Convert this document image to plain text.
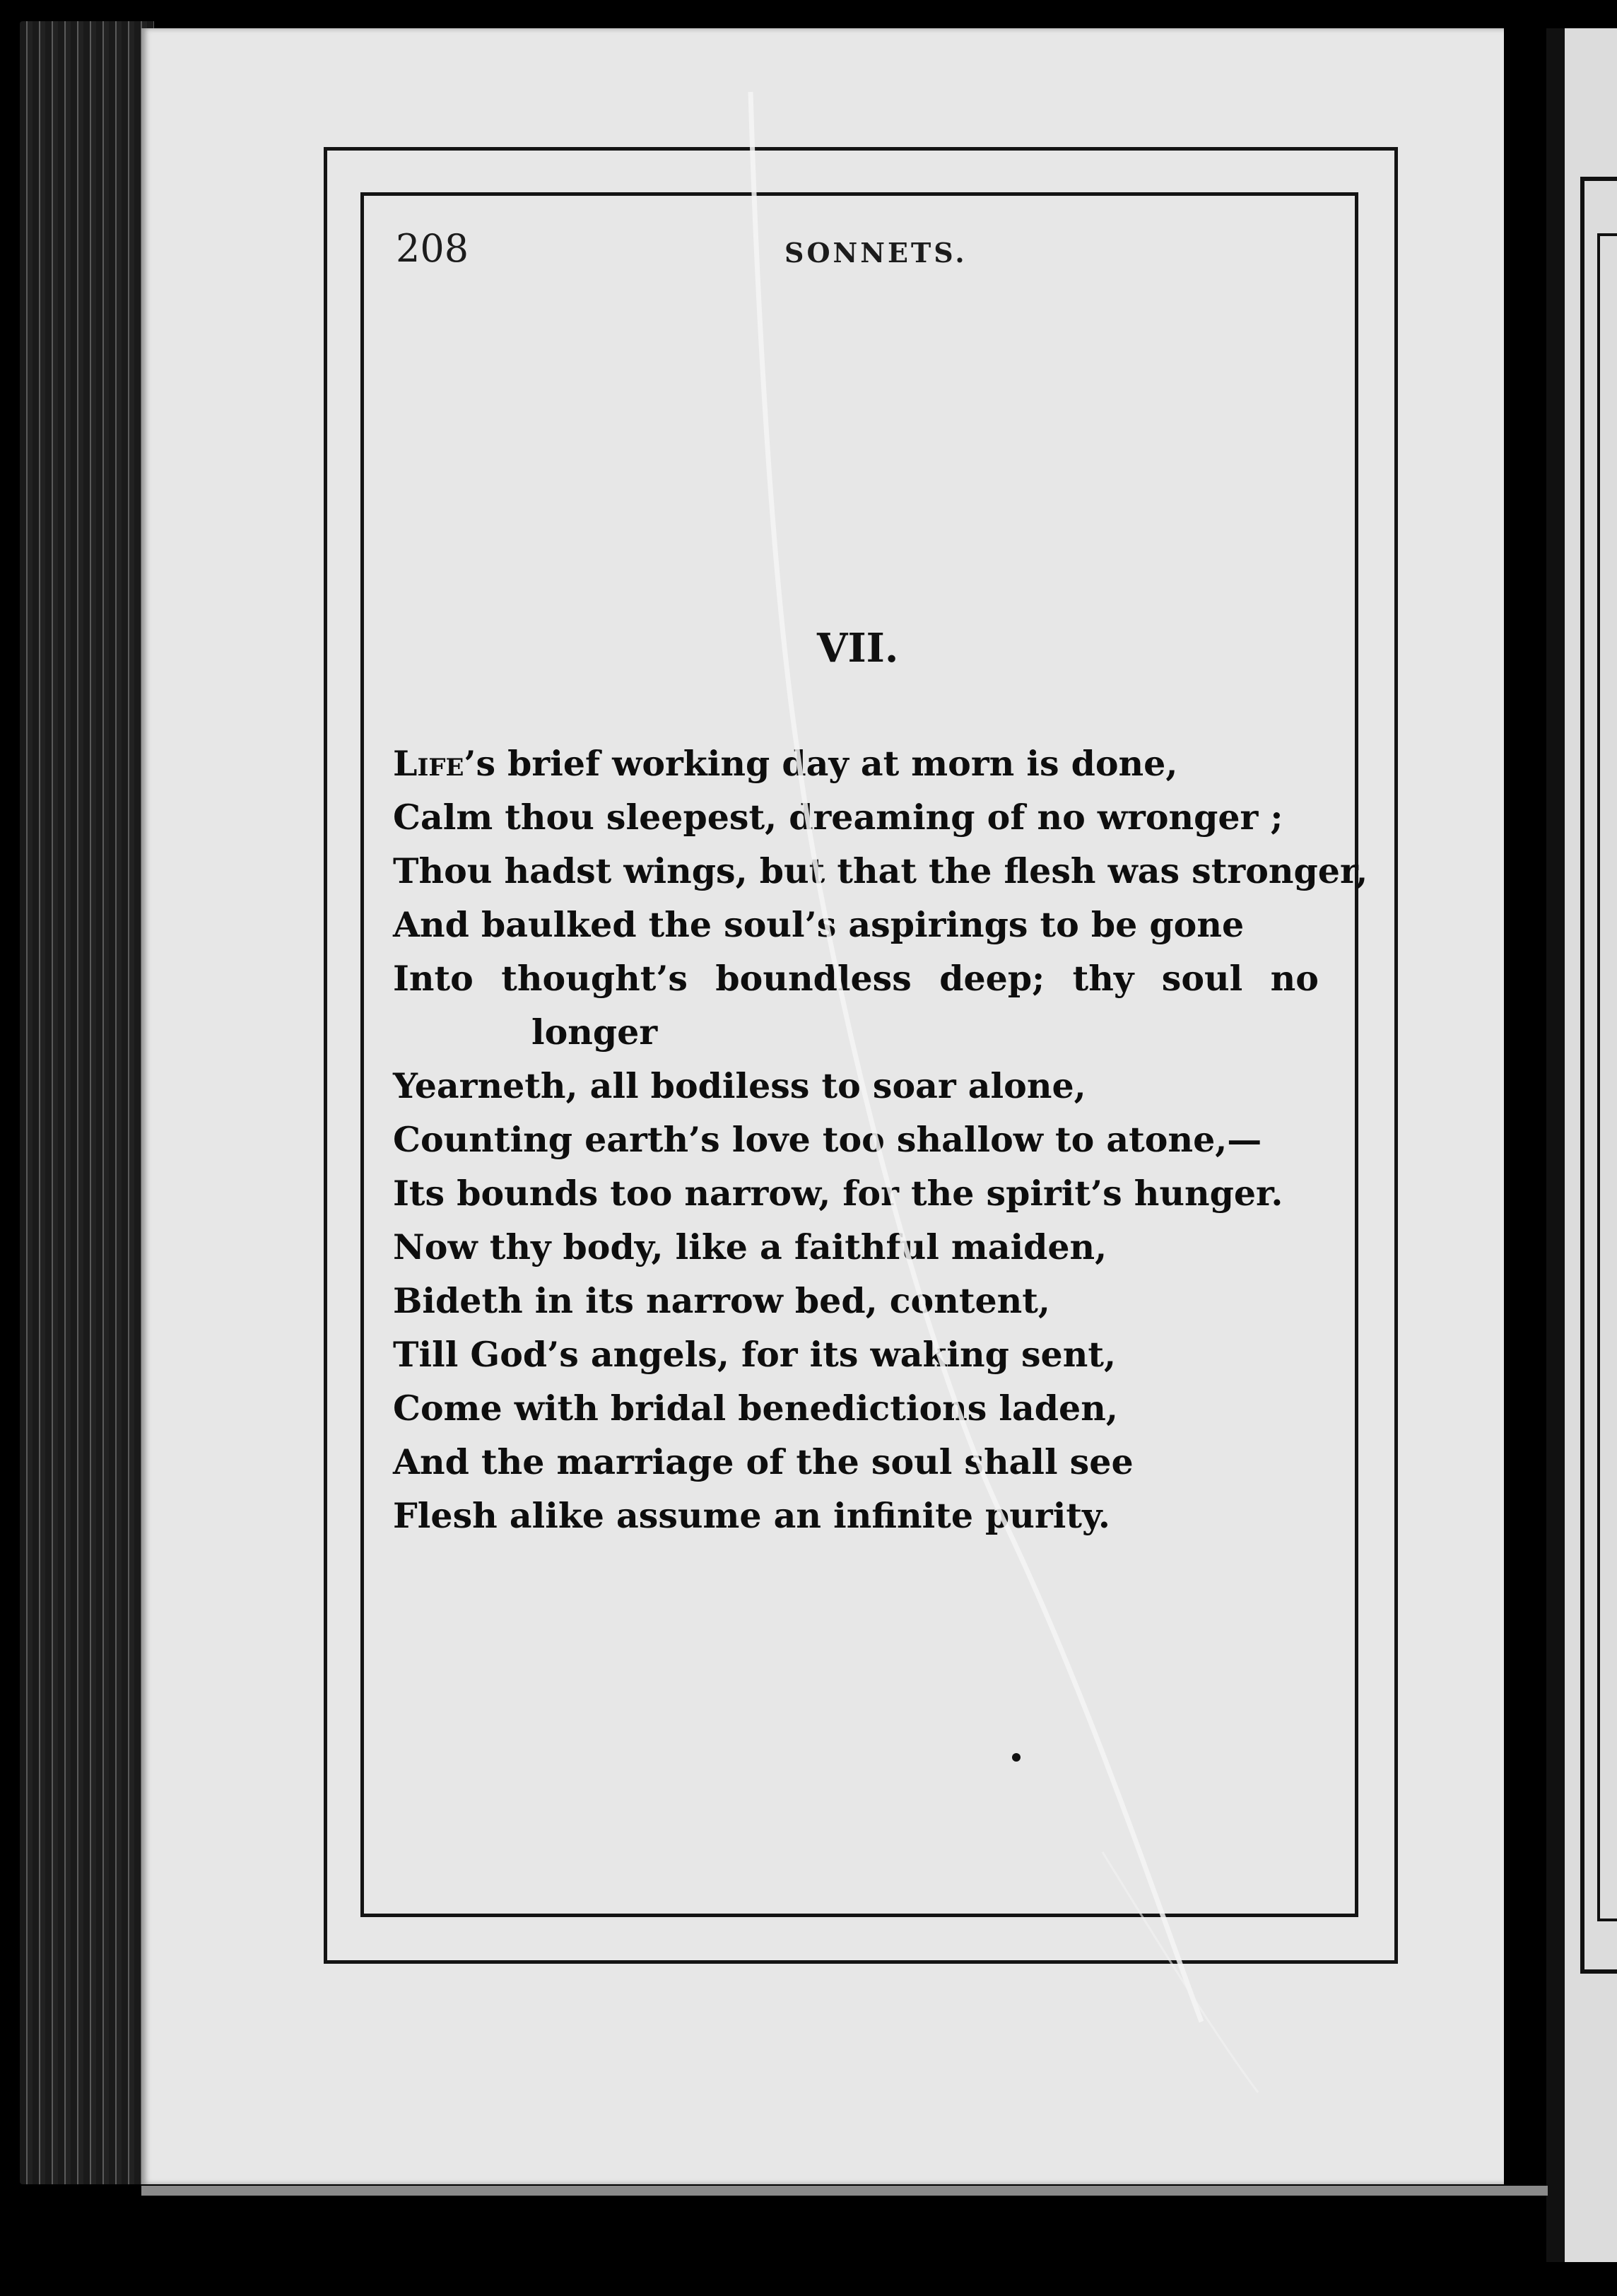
208	SONNETS.

VII.

Life’s brief working day at morn is done,
Calm thou sleepest, dreaming of no wronger ;
Thou hadst wings, but that the flesh was stronger,
And baulked the soul’s aspirings to be gone
Into thought’s boundless deep; thy soul no
longer
Yearneth, all bodiless to soar alone,
Counting earth’s love too shallow to atone,—
Its bounds too narrow, for the spirit’s hunger.
Now thy body, like a faithful maiden,
Bideth in its narrow bed, content,
Till God’s angels, for its waking sent,
Come with bridal benedictions laden,
And the marriage of the soul shall see
Flesh alike assume an infinite purity.
